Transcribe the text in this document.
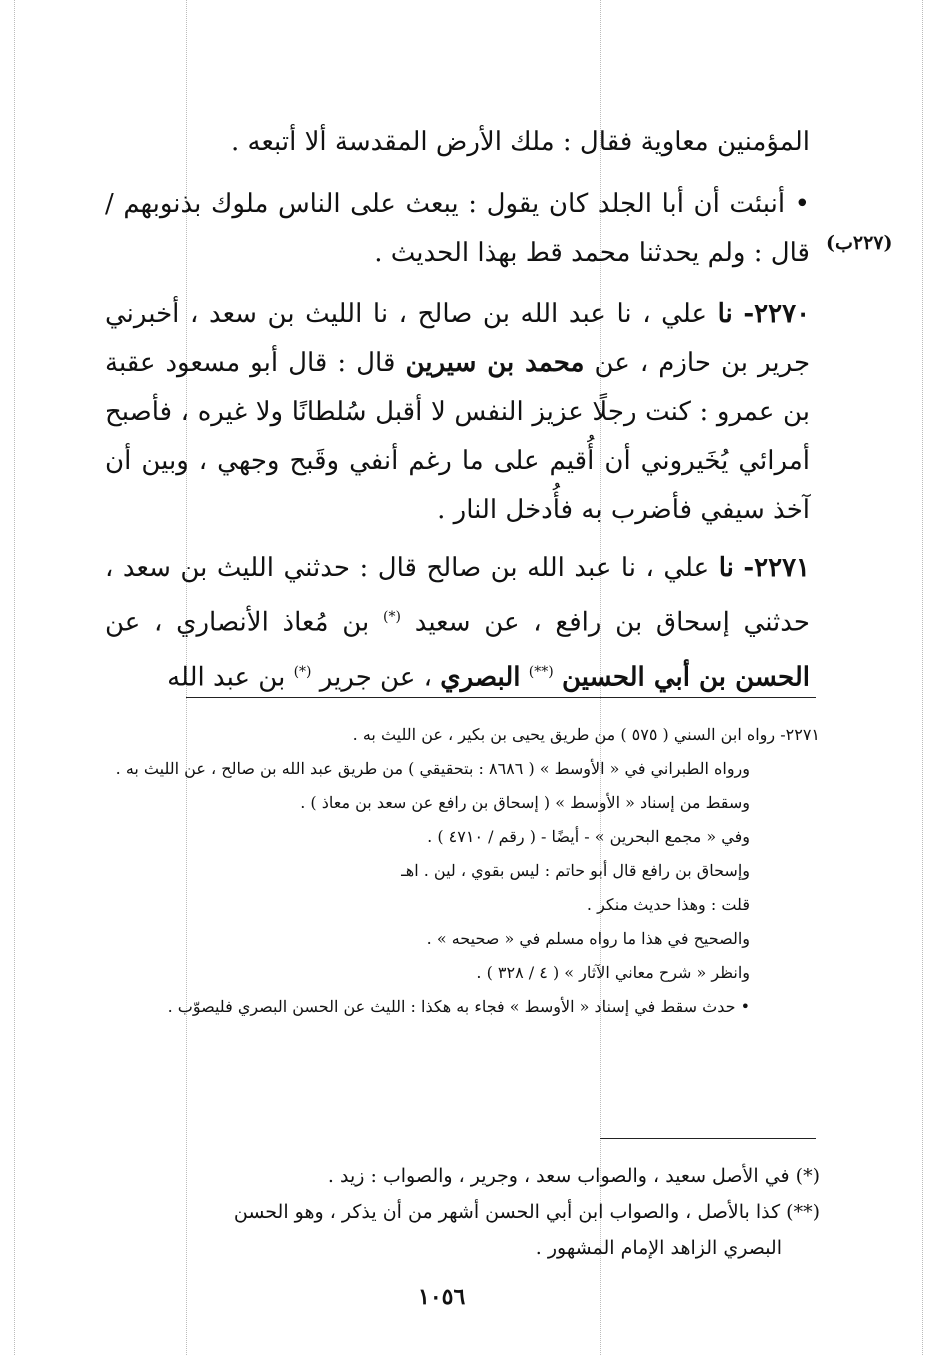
المؤمنين معاوية فقال : ملك الأرض المقدسة ألا أتبعه .

• أنبئت أن أبا الجلد كان يقول : يبعث على الناس ملوك بذنوبهم / قال : ولم يحدثنا محمد قط بهذا الحديث . (٢٢٧ب)

٢٢٧٠- نا علي ، نا عبد الله بن صالح ، نا الليث بن سعد ، أخبرني جرير بن حازم ، عن محمد بن سيرين قال : قال أبو مسعود عقبة بن عمرو : كنت رجلًا عزيز النفس لا أقبل سُلطانًا ولا غيره ، فأصبح أمرائي يُخَيروني أن أُقيم على ما رغم أنفي وقَبح وجهي ، وبين أن آخذ سيفي فأضرب به فأُدخل النار .

٢٢٧١- نا علي ، نا عبد الله بن صالح قال : حدثني الليث بن سعد ، حدثني إسحاق بن رافع ، عن سعيد (*) بن مُعاذ الأنصاري ، عن الحسن بن أبي الحسين (**) البصري ، عن جرير (*) بن عبد الله

٢٢٧١- رواه ابن السني ( ٥٧٥ ) من طريق يحيى بن بكير ، عن الليث به .

ورواه الطبراني في « الأوسط » ( ٨٦٨٦ : بتحقيقي ) من طريق عبد الله بن صالح ، عن الليث به .

وسقط من إسناد « الأوسط » ( إسحاق بن رافع عن سعد بن معاذ ) .

وفي « مجمع البحرين » - أيضًا - ( رقم / ٤٧١٠ ) .

وإسحاق بن رافع قال أبو حاتم : ليس بقوي ، لين . اهـ

قلت : وهذا حديث منكر .

والصحيح في هذا ما رواه مسلم في « صحيحه » .

وانظر « شرح معاني الآثار » ( ٤ / ٣٢٨ ) .

• حدث سقط في إسناد « الأوسط » فجاء به هكذا : الليث عن الحسن البصري فليصوّب .

(*) في الأصل سعيد ، والصواب سعد ، وجرير ، والصواب : زيد .

(**) كذا بالأصل ، والصواب ابن أبي الحسن أشهر من أن يذكر ، وهو الحسن

البصري الزاهد الإمام المشهور .

١٠٥٦
